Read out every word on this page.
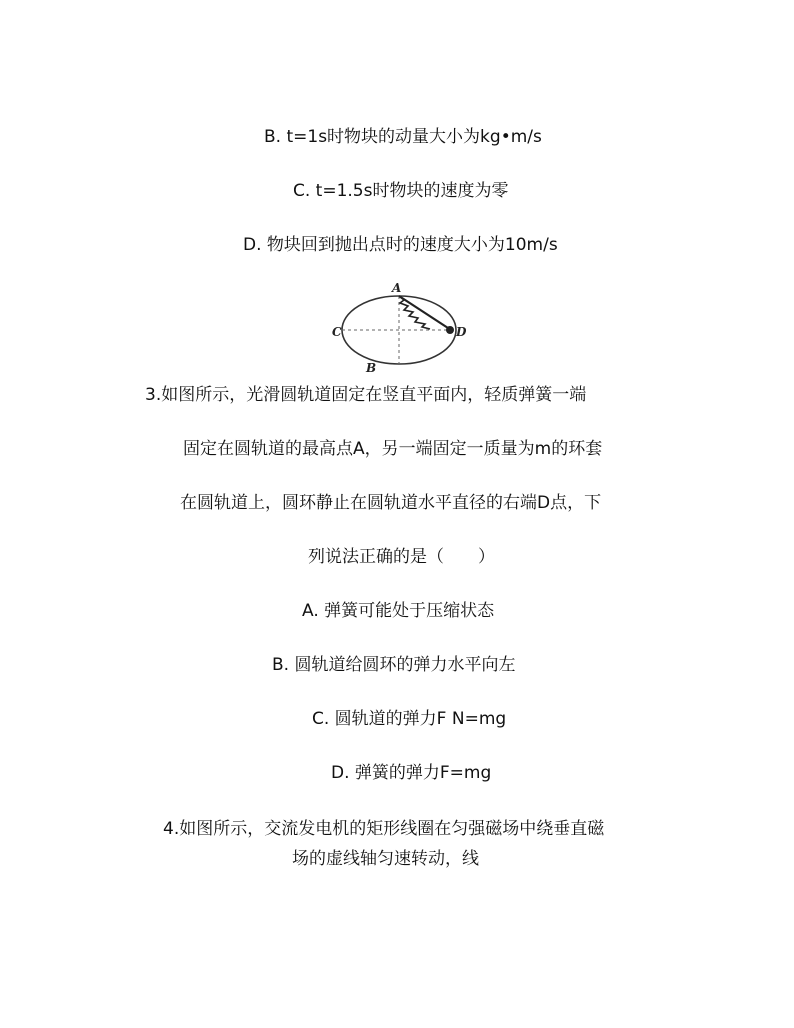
B. t=1s时物块的动量大小为kg•m/s
C. t=1.5s时物块的速度为零
D. 物块回到抛出点时的速度大小为10m/s
A
C	D
B
3.如图所示，光滑圆轨道固定在竖直平面内，轻质弹簧一端
固定在圆轨道的最高点A，另一端固定一质量为m的环套
在圆轨道上，圆环静止在圆轨道水平直径的右端D点，下
列说法正确的是（　　）
A. 弹簧可能处于压缩状态
B. 圆轨道给圆环的弹力水平向左
C. 圆轨道的弹力F N=mg
D. 弹簧的弹力F=mg
4.如图所示，交流发电机的矩形线圈在匀强磁场中绕垂直磁
场的虚线轴匀速转动，线
